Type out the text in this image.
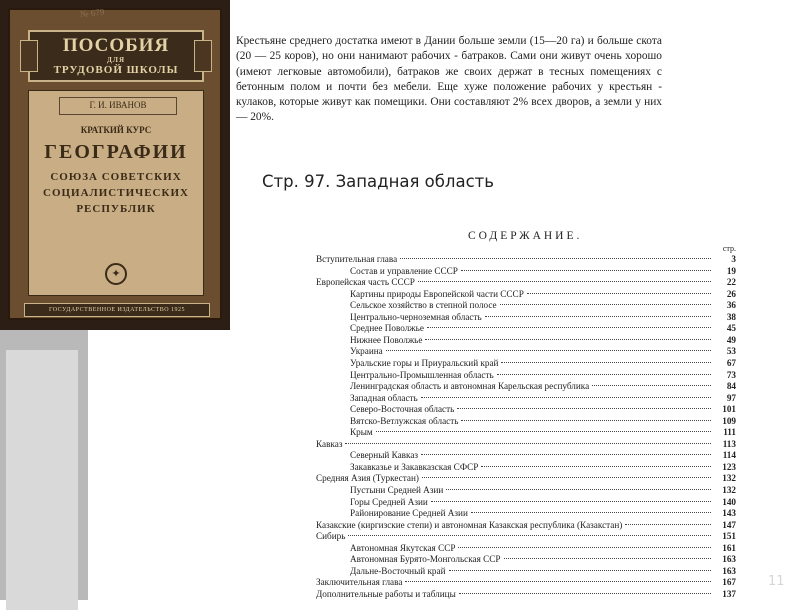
№ 679
ПОСОБИЯ
ДЛЯ
ТРУДОВОЙ ШКОЛЫ
Г. И. ИВАНОВ
КРАТКИЙ КУРС
ГЕОГРАФИИ
СОЮЗА СОВЕТСКИХ
СОЦИАЛИСТИЧЕСКИХ
РЕСПУБЛИК
✦
ГОСУДАРСТВЕННОЕ ИЗДАТЕЛЬСТВО 1925
Крестьяне среднего достатка имеют в Дании больше земли (15—20 га) и больше скота (20 — 25 коров), но они нанимают рабочих - батраков. Сами они живут очень хорошо (имеют легковые автомобили), батраков же своих держат в тесных помещениях с бетонным полом и почти без мебели. Еще хуже положение рабочих у крестьян - кулаков, которые живут как помещики. Они составляют 2% всех дворов, а земли у них — 20%.
Стр. 97. Западная область
СОДЕРЖАНИЕ.
стр.
Вступительная глава	3
Состав и управление СССР	19
Европейская часть СССР	22
Картины природы Европейской части СССР	26
Сельское хозяйство в степной полосе	36
Центрально-черноземная область	38
Среднее Поволжье	45
Нижнее Поволжье	49
Украина	53
Уральские горы и Приуральский край	67
Центрально-Промышленная область	73
Ленинградская область и автономная Карельская республика	84
Западная область	97
Северо-Восточная область	101
Вятско-Ветлужская область	109
Крым	111
Кавказ	113
Северный Кавказ	114
Закавказье и Закавказская СФСР	123
Средняя Азия (Туркестан)	132
Пустыни Средней Азии	132
Горы Средней Азии	140
Районирование Средней Азии	143
Казакские (киргизские степи) и автономная Казакская республика (Казакстан)	147
Сибирь	151
Автономная Якутская ССР	161
Автономная Бурято-Монгольская ССР	163
Дальне-Восточный край	163
Заключительная глава	167
Дополнительные работы и таблицы	137
11
